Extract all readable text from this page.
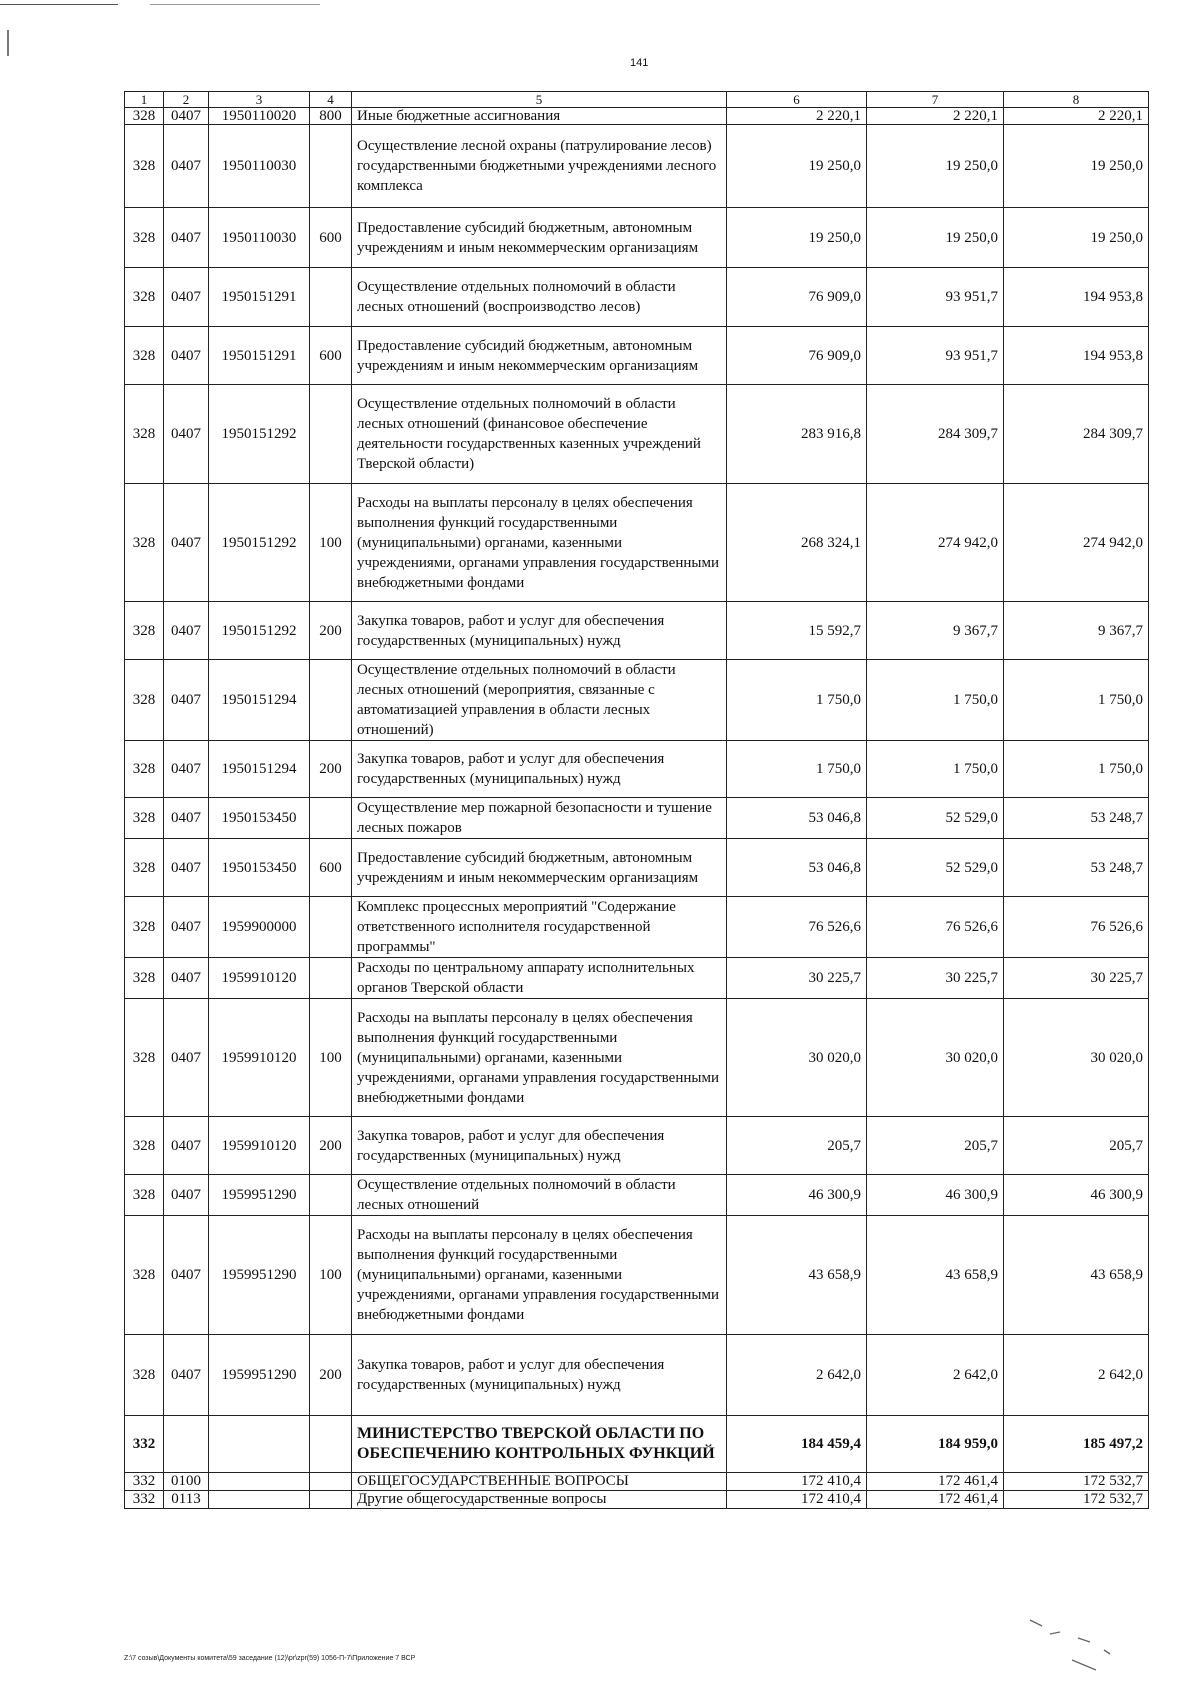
141
1	2	3	4	5	6	7	8
328	0407	1950110020	800	Иные бюджетные ассигнования	2 220,1	2 220,1	2 220,1
328	0407	1950110030		Осуществление лесной охраны (патрулирование лесов) государственными бюджетными учреждениями лесного комплекса	19 250,0	19 250,0	19 250,0
328	0407	1950110030	600	Предоставление субсидий бюджетным, автономным учреждениям и иным некоммерческим организациям	19 250,0	19 250,0	19 250,0
328	0407	1950151291		Осуществление отдельных полномочий в области лесных отношений (воспроизводство лесов)	76 909,0	93 951,7	194 953,8
328	0407	1950151291	600	Предоставление субсидий бюджетным, автономным учреждениям и иным некоммерческим организациям	76 909,0	93 951,7	194 953,8
328	0407	1950151292		Осуществление отдельных полномочий в области лесных отношений (финансовое обеспечение деятельности государственных казенных учреждений Тверской области)	283 916,8	284 309,7	284 309,7
328	0407	1950151292	100	Расходы на выплаты персоналу в целях обеспечения выполнения функций государственными (муниципальными) органами, казенными учреждениями, органами управления государственными внебюджетными фондами	268 324,1	274 942,0	274 942,0
328	0407	1950151292	200	Закупка товаров, работ и услуг для обеспечения государственных (муниципальных) нужд	15 592,7	9 367,7	9 367,7
328	0407	1950151294		Осуществление отдельных полномочий в области лесных отношений (мероприятия, связанные с автоматизацией управления в области лесных отношений)	1 750,0	1 750,0	1 750,0
328	0407	1950151294	200	Закупка товаров, работ и услуг для обеспечения государственных (муниципальных) нужд	1 750,0	1 750,0	1 750,0
328	0407	1950153450		Осуществление мер пожарной безопасности и тушение лесных пожаров	53 046,8	52 529,0	53 248,7
328	0407	1950153450	600	Предоставление субсидий бюджетным, автономным учреждениям и иным некоммерческим организациям	53 046,8	52 529,0	53 248,7
328	0407	1959900000		Комплекс процессных мероприятий "Содержание ответственного исполнителя государственной программы"	76 526,6	76 526,6	76 526,6
328	0407	1959910120		Расходы по центральному аппарату исполнительных органов Тверской области	30 225,7	30 225,7	30 225,7
328	0407	1959910120	100	Расходы на выплаты персоналу в целях обеспечения выполнения функций государственными (муниципальными) органами, казенными учреждениями, органами управления государственными внебюджетными фондами	30 020,0	30 020,0	30 020,0
328	0407	1959910120	200	Закупка товаров, работ и услуг для обеспечения государственных (муниципальных) нужд	205,7	205,7	205,7
328	0407	1959951290		Осуществление отдельных полномочий в области лесных отношений	46 300,9	46 300,9	46 300,9
328	0407	1959951290	100	Расходы на выплаты персоналу в целях обеспечения выполнения функций государственными (муниципальными) органами, казенными учреждениями, органами управления государственными внебюджетными фондами	43 658,9	43 658,9	43 658,9
328	0407	1959951290	200	Закупка товаров, работ и услуг для обеспечения государственных (муниципальных) нужд	2 642,0	2 642,0	2 642,0
332				МИНИСТЕРСТВО ТВЕРСКОЙ ОБЛАСТИ ПО ОБЕСПЕЧЕНИЮ КОНТРОЛЬНЫХ ФУНКЦИЙ	184 459,4	184 959,0	185 497,2
332	0100			ОБЩЕГОСУДАРСТВЕННЫЕ ВОПРОСЫ	172 410,4	172 461,4	172 532,7
332	0113			Другие общегосударственные вопросы	172 410,4	172 461,4	172 532,7
Z:\7 созыв\Документы комитета\59 заседание (12)\pr\zpr(59) 1056-П-7\Приложение 7 ВСР
